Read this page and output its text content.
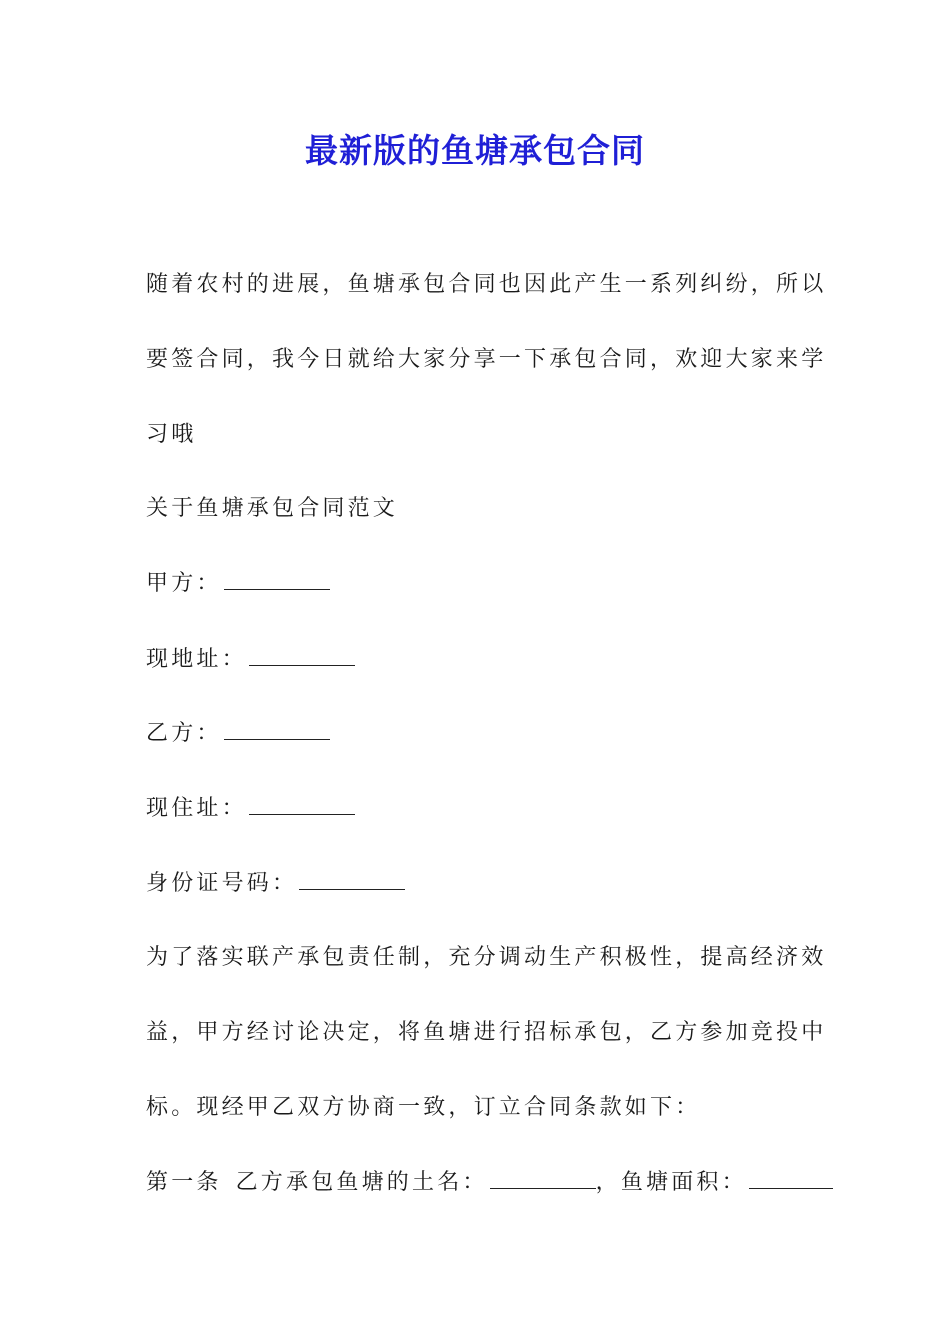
最新版的鱼塘承包合同
随着农村的进展，鱼塘承包合同也因此产生一系列纠纷，所以
要签合同，我今日就给大家分享一下承包合同，欢迎大家来学
习哦
关于鱼塘承包合同范文
甲方：
现地址：
乙方：
现住址：
身份证号码：
为了落实联产承包责任制，充分调动生产积极性，提高经济效
益，甲方经讨论决定，将鱼塘进行招标承包，乙方参加竞投中
标。现经甲乙双方协商一致，订立合同条款如下：
第一条 乙方承包鱼塘的土名：	，鱼塘面积：
